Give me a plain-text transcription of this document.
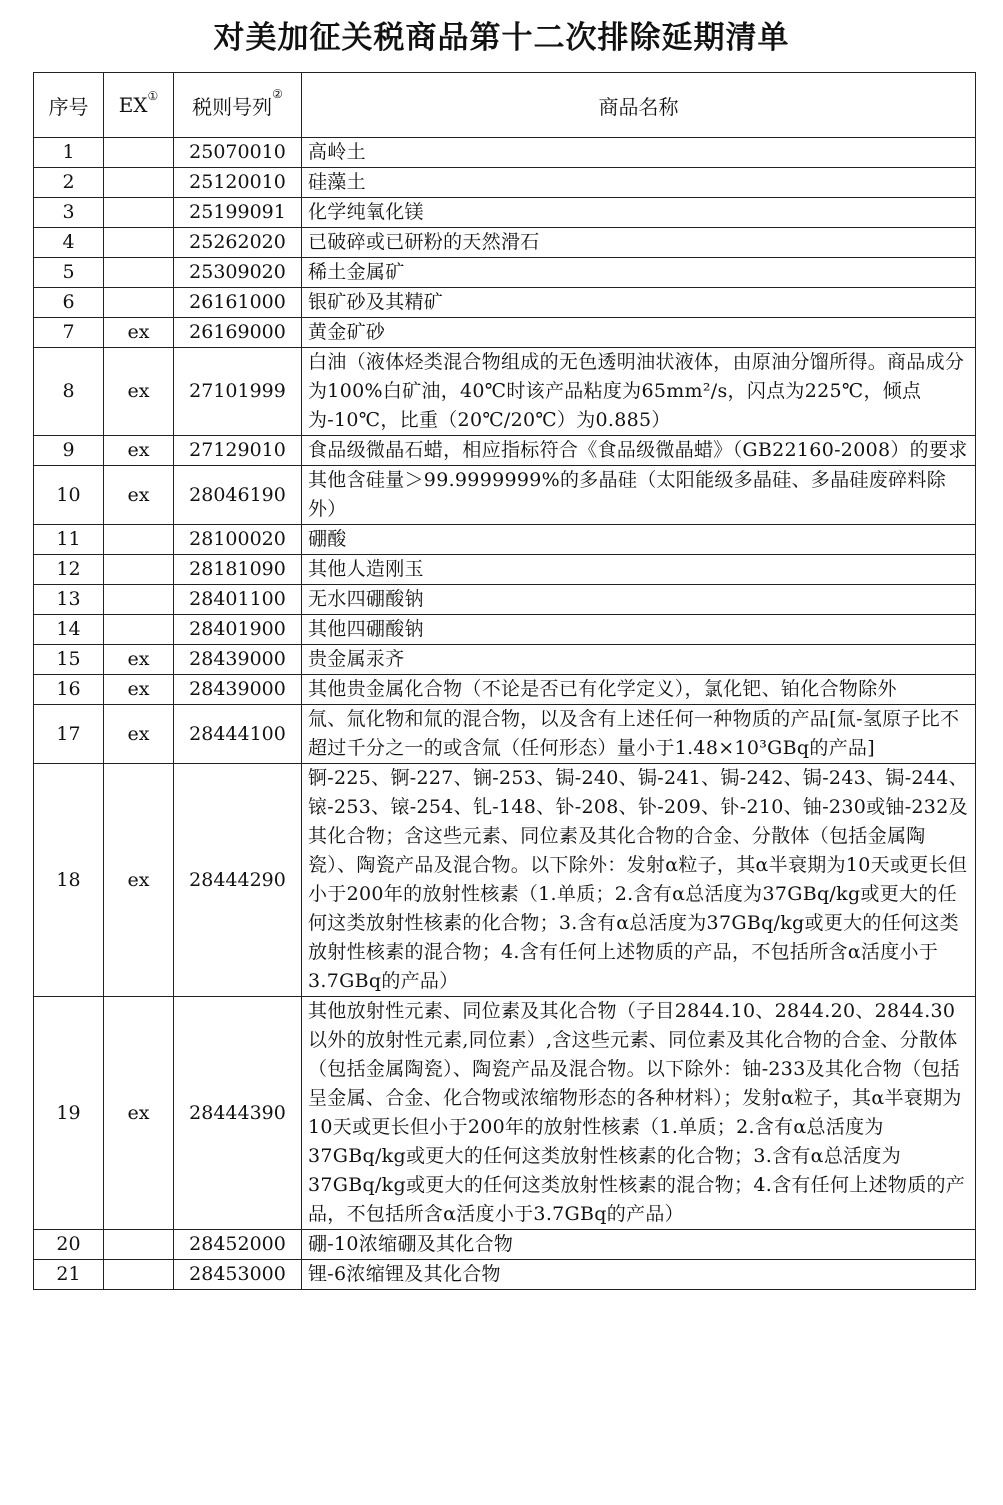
对美加征关税商品第十二次排除延期清单
序号	EX①	税则号列②	商品名称
1		25070010	高岭土
2		25120010	硅藻土
3		25199091	化学纯氧化镁
4		25262020	已破碎或已研粉的天然滑石
5		25309020	稀土金属矿
6		26161000	银矿砂及其精矿
7	ex	26169000	黄金矿砂
8	ex	27101999	白油（液体烃类混合物组成的无色透明油状液体，由原油分馏所得。商品成分为100%白矿油，40℃时该产品粘度为65mm²/s，闪点为225℃，倾点为-10℃，比重（20℃/20℃）为0.885）
9	ex	27129010	食品级微晶石蜡，相应指标符合《食品级微晶蜡》（GB22160-2008）的要求
10	ex	28046190	其他含硅量＞99.9999999%的多晶硅（太阳能级多晶硅、多晶硅废碎料除外）
11		28100020	硼酸
12		28181090	其他人造刚玉
13		28401100	无水四硼酸钠
14		28401900	其他四硼酸钠
15	ex	28439000	贵金属汞齐
16	ex	28439000	其他贵金属化合物（不论是否已有化学定义），氯化钯、铂化合物除外
17	ex	28444100	氚、氚化物和氚的混合物，以及含有上述任何一种物质的产品[氚-氢原子比不超过千分之一的或含氚（任何形态）量小于1.48×10³GBq的产品]
18	ex	28444290	锕-225、锕-227、锎-253、锔-240、锔-241、锔-242、锔-243、锔-244、锿-253、锿-254、钆-148、钋-208、钋-209、钋-210、铀-230或铀-232及其化合物；含这些元素、同位素及其化合物的合金、分散体（包括金属陶瓷）、陶瓷产品及混合物。以下除外：发射α粒子，其α半衰期为10天或更长但小于200年的放射性核素（1.单质；2.含有α总活度为37GBq/kg或更大的任何这类放射性核素的化合物；3.含有α总活度为37GBq/kg或更大的任何这类放射性核素的混合物；4.含有任何上述物质的产品，不包括所含α活度小于3.7GBq的产品）
19	ex	28444390	其他放射性元素、同位素及其化合物（子目2844.10、2844.20、2844.30以外的放射性元素,同位素）,含这些元素、同位素及其化合物的合金、分散体（包括金属陶瓷）、陶瓷产品及混合物。以下除外：铀-233及其化合物（包括呈金属、合金、化合物或浓缩物形态的各种材料）；发射α粒子，其α半衰期为10天或更长但小于200年的放射性核素（1.单质；2.含有α总活度为37GBq/kg或更大的任何这类放射性核素的化合物；3.含有α总活度为37GBq/kg或更大的任何这类放射性核素的混合物；4.含有任何上述物质的产品，不包括所含α活度小于3.7GBq的产品）
20		28452000	硼-10浓缩硼及其化合物
21		28453000	锂-6浓缩锂及其化合物
